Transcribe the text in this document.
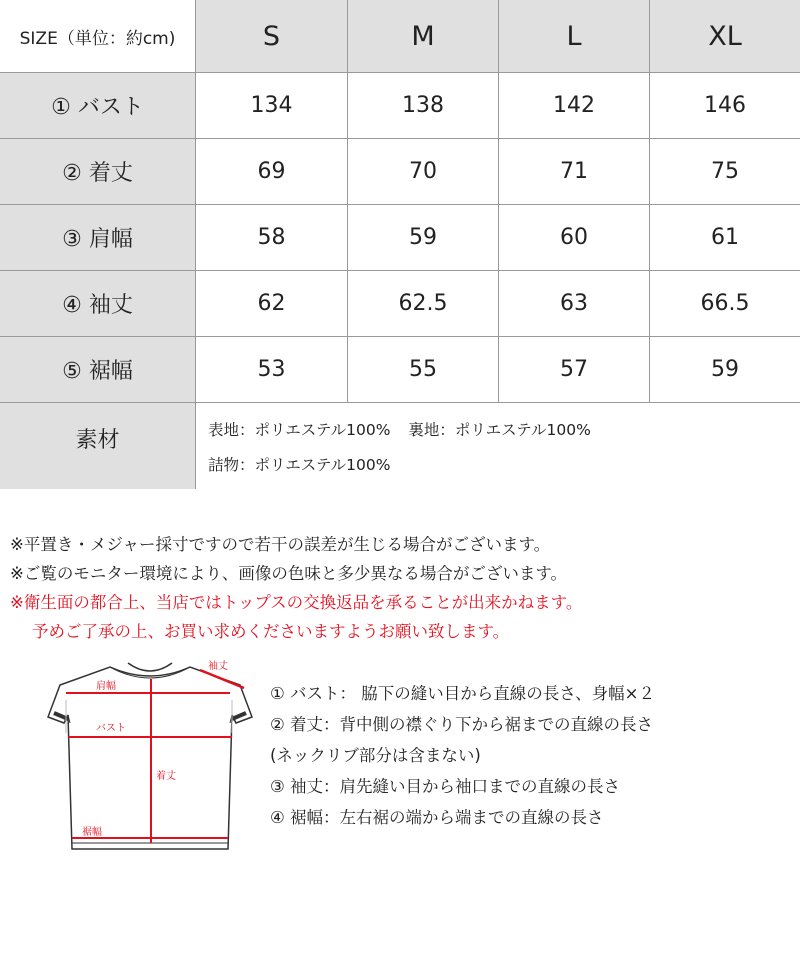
SIZE（単位：約cm)	S	M	L	XL
① バスト	134	138	142	146
② 着丈	69	70	71	75
③ 肩幅	58	59	60	61
④ 袖丈	62	62.5	63	66.5
⑤ 裾幅	53	55	57	59
素材	表地：ポリエステル100% 裏地：ポリエステル100%
詰物：ポリエステル100%
※平置き・メジャー採寸ですので若干の誤差が生じる場合がございます。
※ご覧のモニター環境により、画像の色味と多少異なる場合がございます。
※衛生面の都合上、当店ではトップスの交換返品を承ることが出来かねます。
予めご了承の上、お買い求めくださいますようお願い致します。
肩幅
バスト
着丈
袖丈
裾幅
① バスト： 脇下の縫い目から直線の長さ、身幅×２
② 着丈：背中側の襟ぐり下から裾までの直線の長さ
(ネックリブ部分は含まない)
③ 袖丈：肩先縫い目から袖口までの直線の長さ
④ 裾幅：左右裾の端から端までの直線の長さ
